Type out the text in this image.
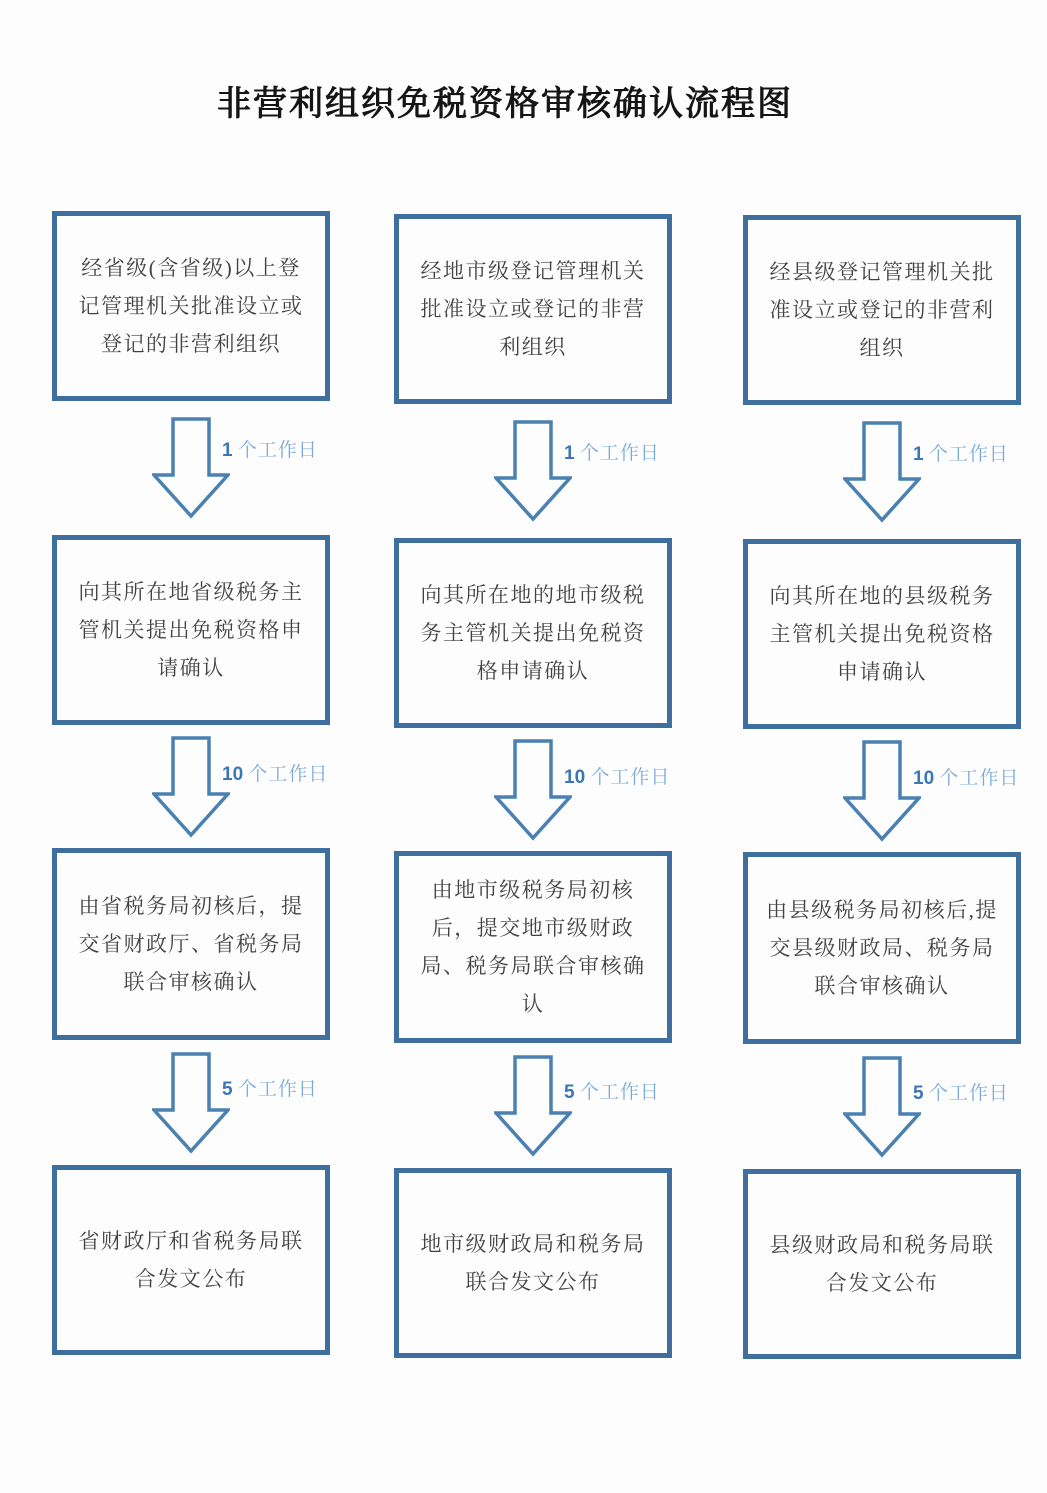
非营利组织免税资格审核确认流程图
经省级(含省级)以上登记管理机关批准设立或登记的非营利组织
1 个工作日
向其所在地省级税务主管机关提出免税资格申请确认
10 个工作日
由省税务局初核后，提交省财政厅、省税务局联合审核确认
5 个工作日
省财政厅和省税务局联合发文公布
经地市级登记管理机关批准设立或登记的非营利组织
1 个工作日
向其所在地的地市级税务主管机关提出免税资格申请确认
10 个工作日
由地市级税务局初核后，提交地市级财政局、税务局联合审核确认
5 个工作日
地市级财政局和税务局联合发文公布
经县级登记管理机关批准设立或登记的非营利组织
1 个工作日
向其所在地的县级税务主管机关提出免税资格申请确认
10 个工作日
由县级税务局初核后,提交县级财政局、税务局联合审核确认
5 个工作日
县级财政局和税务局联合发文公布
